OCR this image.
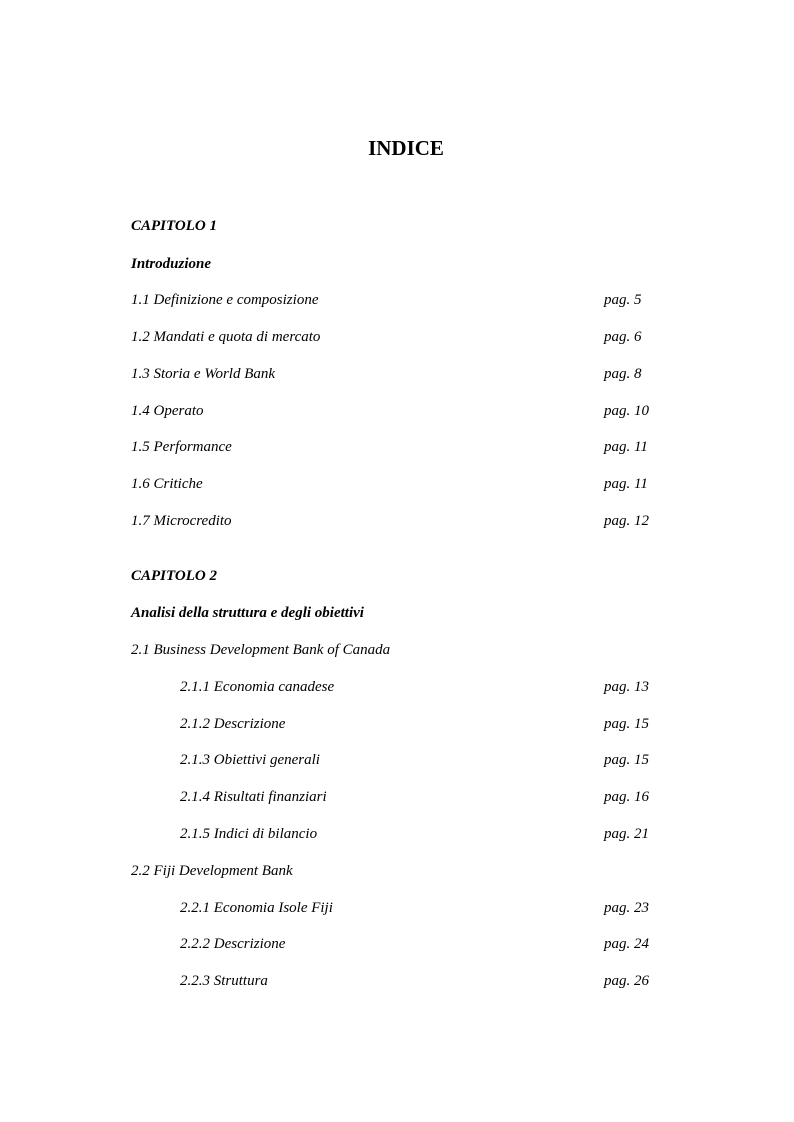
INDICE
CAPITOLO 1
Introduzione
1.1 Definizione e composizione	pag. 5
1.2 Mandati e quota di mercato	pag. 6
1.3 Storia e World Bank	pag. 8
1.4 Operato	pag. 10
1.5 Performance	pag. 11
1.6 Critiche	pag. 11
1.7 Microcredito	pag. 12
CAPITOLO 2
Analisi della struttura e degli obiettivi
2.1 Business Development Bank of Canada
2.1.1 Economia canadese	pag. 13
2.1.2 Descrizione	pag. 15
2.1.3 Obiettivi generali	pag. 15
2.1.4 Risultati finanziari	pag. 16
2.1.5 Indici di bilancio	pag. 21
2.2 Fiji Development Bank
2.2.1 Economia Isole Fiji	pag. 23
2.2.2 Descrizione	pag. 24
2.2.3 Struttura	pag. 26
